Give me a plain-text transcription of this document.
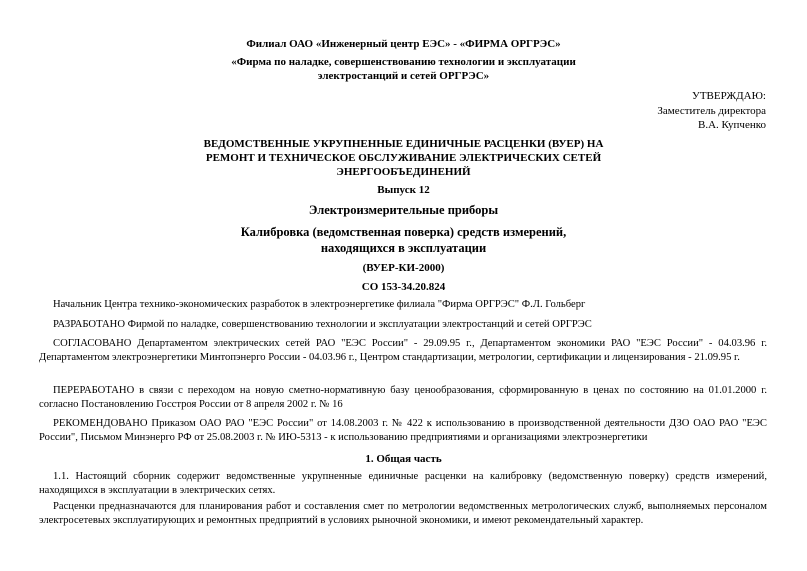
Филиал ОАО «Инженерный центр ЕЭС» - «ФИРМА ОРГРЭС»
«Фирма по наладке, совершенствованию технологии и эксплуатации
электростанций и сетей ОРГРЭС»
УТВЕРЖДАЮ:
Заместитель директора
В.А. Купченко
ВЕДОМСТВЕННЫЕ УКРУПНЕННЫЕ ЕДИНИЧНЫЕ РАСЦЕНКИ (ВУЕР) НА
РЕМОНТ И ТЕХНИЧЕСКОЕ ОБСЛУЖИВАНИЕ ЭЛЕКТРИЧЕСКИХ СЕТЕЙ
ЭНЕРГООБЪЕДИНЕНИЙ
Выпуск 12
Электроизмерительные приборы
Калибровка (ведомственная поверка) средств измерений,
находящихся в эксплуатации
(ВУЕР-КИ-2000)
СО 153-34.20.824
Начальник Центра технико-экономических разработок в электроэнергетике филиала "Фирма ОРГРЭС" Ф.Л. Гольберг
РАЗРАБОТАНО Фирмой по наладке, совершенствованию технологии и эксплуатации электростанций и сетей ОРГРЭС
СОГЛАСОВАНО Департаментом электрических сетей РАО "ЕЭС России" - 29.09.95 г., Департаментом экономики РАО "ЕЭС России" - 04.03.96 г. Департаментом электроэнергетики Минтопэнерго России - 04.03.96 г., Центром стандартизации, метрологии, сертификации и лицензирования - 21.09.95 г.
ПЕРЕРАБОТАНО в связи с переходом на новую сметно-нормативную базу ценообразования, сформированную в ценах по состоянию на 01.01.2000 г. согласно Постановлению Госстроя России от 8 апреля 2002 г. № 16
РЕКОМЕНДОВАНО Приказом ОАО РАО "ЕЭС России" от 14.08.2003 г. № 422 к использованию в производственной деятельности ДЗО ОАО РАО "ЕЭС России", Письмом Минэнерго РФ от 25.08.2003 г. № ИЮ-5313 - к использованию предприятиями и организациями электроэнергетики
1. Общая часть
1.1. Настоящий сборник содержит ведомственные укрупненные единичные расценки на калибровку (ведомственную поверку) средств измерений, находящихся в эксплуатации в электрических сетях.
Расценки предназначаются для планирования работ и составления смет по метрологии ведомственных метрологических служб, выполняемых персоналом электросетевых эксплуатирующих и ремонтных предприятий в условиях рыночной экономики, и имеют рекомендательный характер.
